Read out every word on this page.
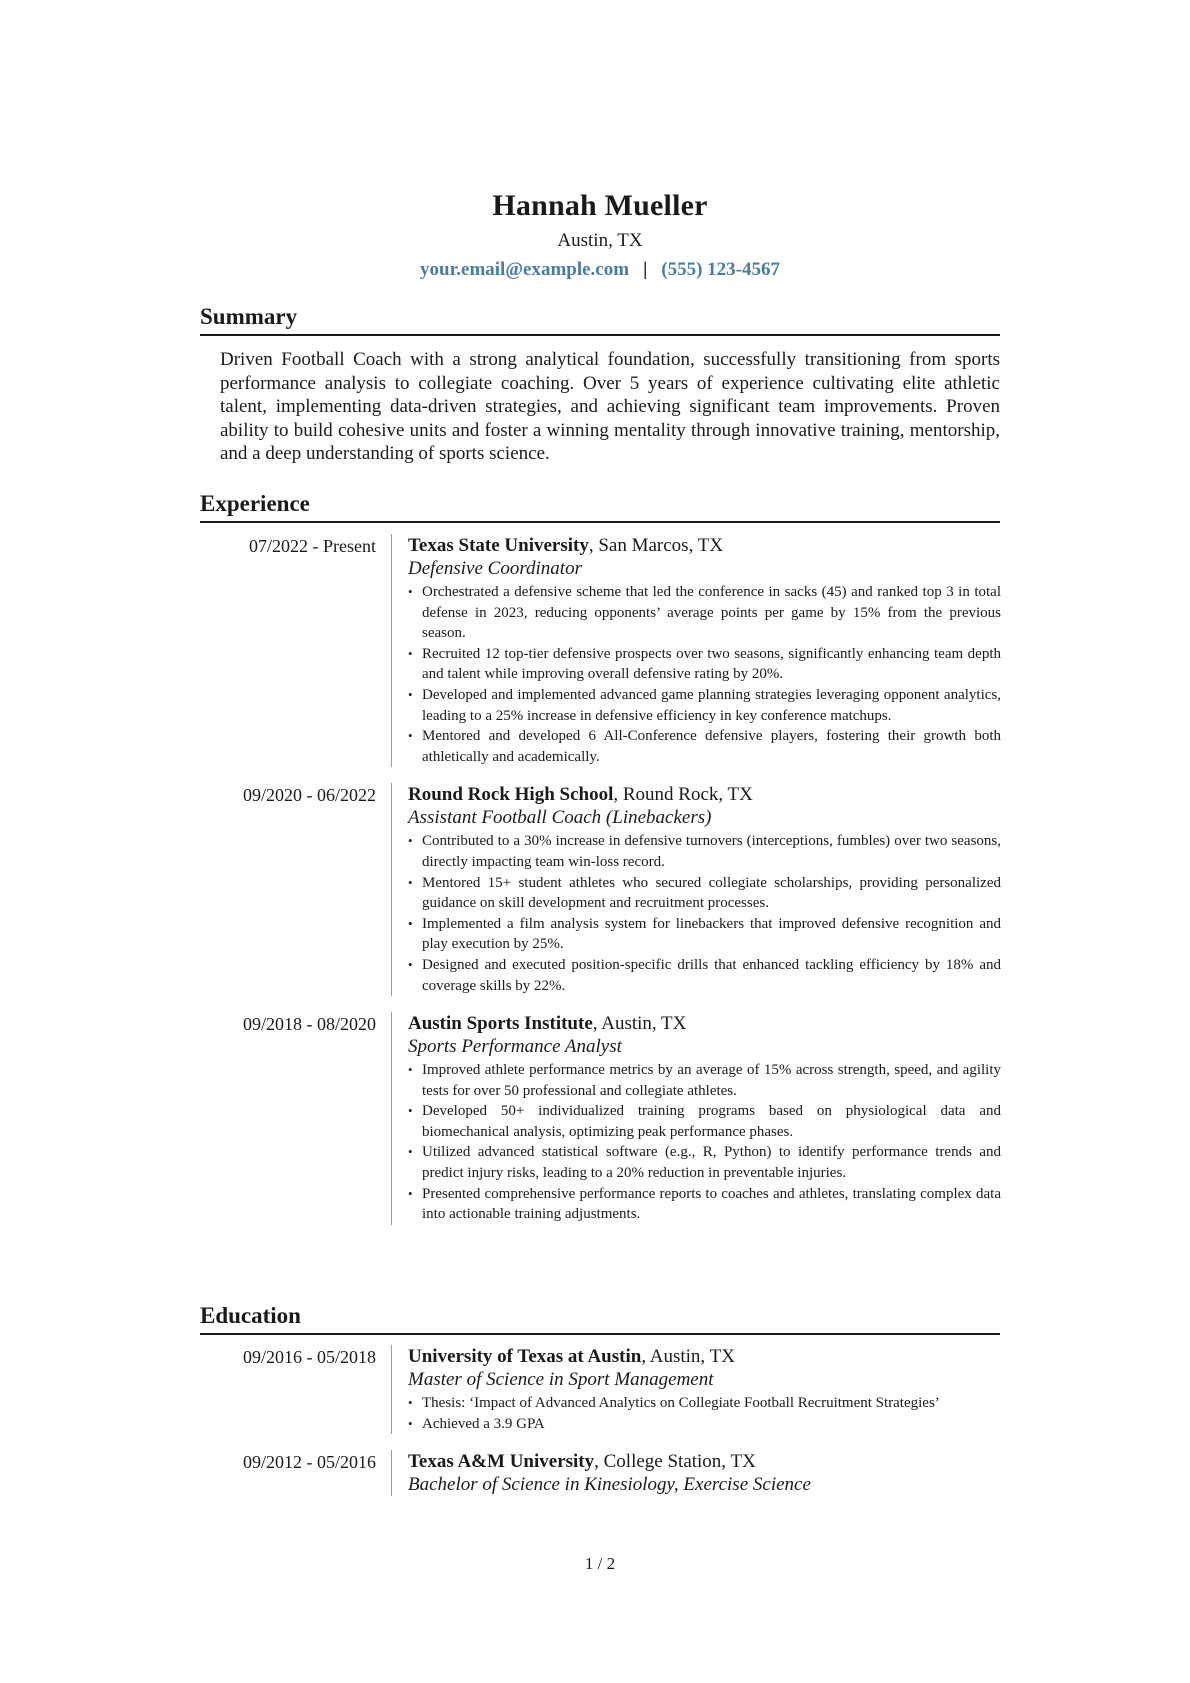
Hannah Mueller
Austin, TX
your.email@example.com | (555) 123-4567
Summary

Driven Football Coach with a strong analytical foundation, successfully transitioning from sports performance analysis to collegiate coaching. Over 5 years of experience cultivating elite athletic talent, implementing data-driven strategies, and achieving significant team improvements. Proven ability to build cohesive units and foster a winning mentality through innovative training, mentorship, and a deep understanding of sports science.

Experience
07/2022 - Present Texas State University, San Marcos, TX
Defensive Coordinator
• Orchestrated a defensive scheme that led the conference in sacks (45) and ranked top 3 in total defense in 2023, reducing opponents’ average points per game by 15% from the previous season.
• Recruited 12 top-tier defensive prospects over two seasons, significantly enhancing team depth and talent while improving overall defensive rating by 20%.
• Developed and implemented advanced game planning strategies leveraging opponent analytics, leading to a 25% increase in defensive efficiency in key conference matchups.
• Mentored and developed 6 All-Conference defensive players, fostering their growth both athletically and academically.
09/2020 - 06/2022 Round Rock High School, Round Rock, TX
Assistant Football Coach (Linebackers)
• Contributed to a 30% increase in defensive turnovers (interceptions, fumbles) over two seasons, directly impacting team win-loss record.
• Mentored 15+ student athletes who secured collegiate scholarships, providing personalized guidance on skill development and recruitment processes.
• Implemented a film analysis system for linebackers that improved defensive recognition and play execution by 25%.
• Designed and executed position-specific drills that enhanced tackling efficiency by 18% and coverage skills by 22%.
09/2018 - 08/2020 Austin Sports Institute, Austin, TX
Sports Performance Analyst
• Improved athlete performance metrics by an average of 15% across strength, speed, and agility tests for over 50 professional and collegiate athletes.
• Developed 50+ individualized training programs based on physiological data and biomechanical analysis, optimizing peak performance phases.
• Utilized advanced statistical software (e.g., R, Python) to identify performance trends and predict injury risks, leading to a 20% reduction in preventable injuries.
• Presented comprehensive performance reports to coaches and athletes, translating complex data into actionable training adjustments.
Education
09/2016 - 05/2018 University of Texas at Austin, Austin, TX
Master of Science in Sport Management
• Thesis: ‘Impact of Advanced Analytics on Collegiate Football Recruitment Strategies’
• Achieved a 3.9 GPA
09/2012 - 05/2016 Texas A&M University, College Station, TX
Bachelor of Science in Kinesiology, Exercise Science
1 / 2
